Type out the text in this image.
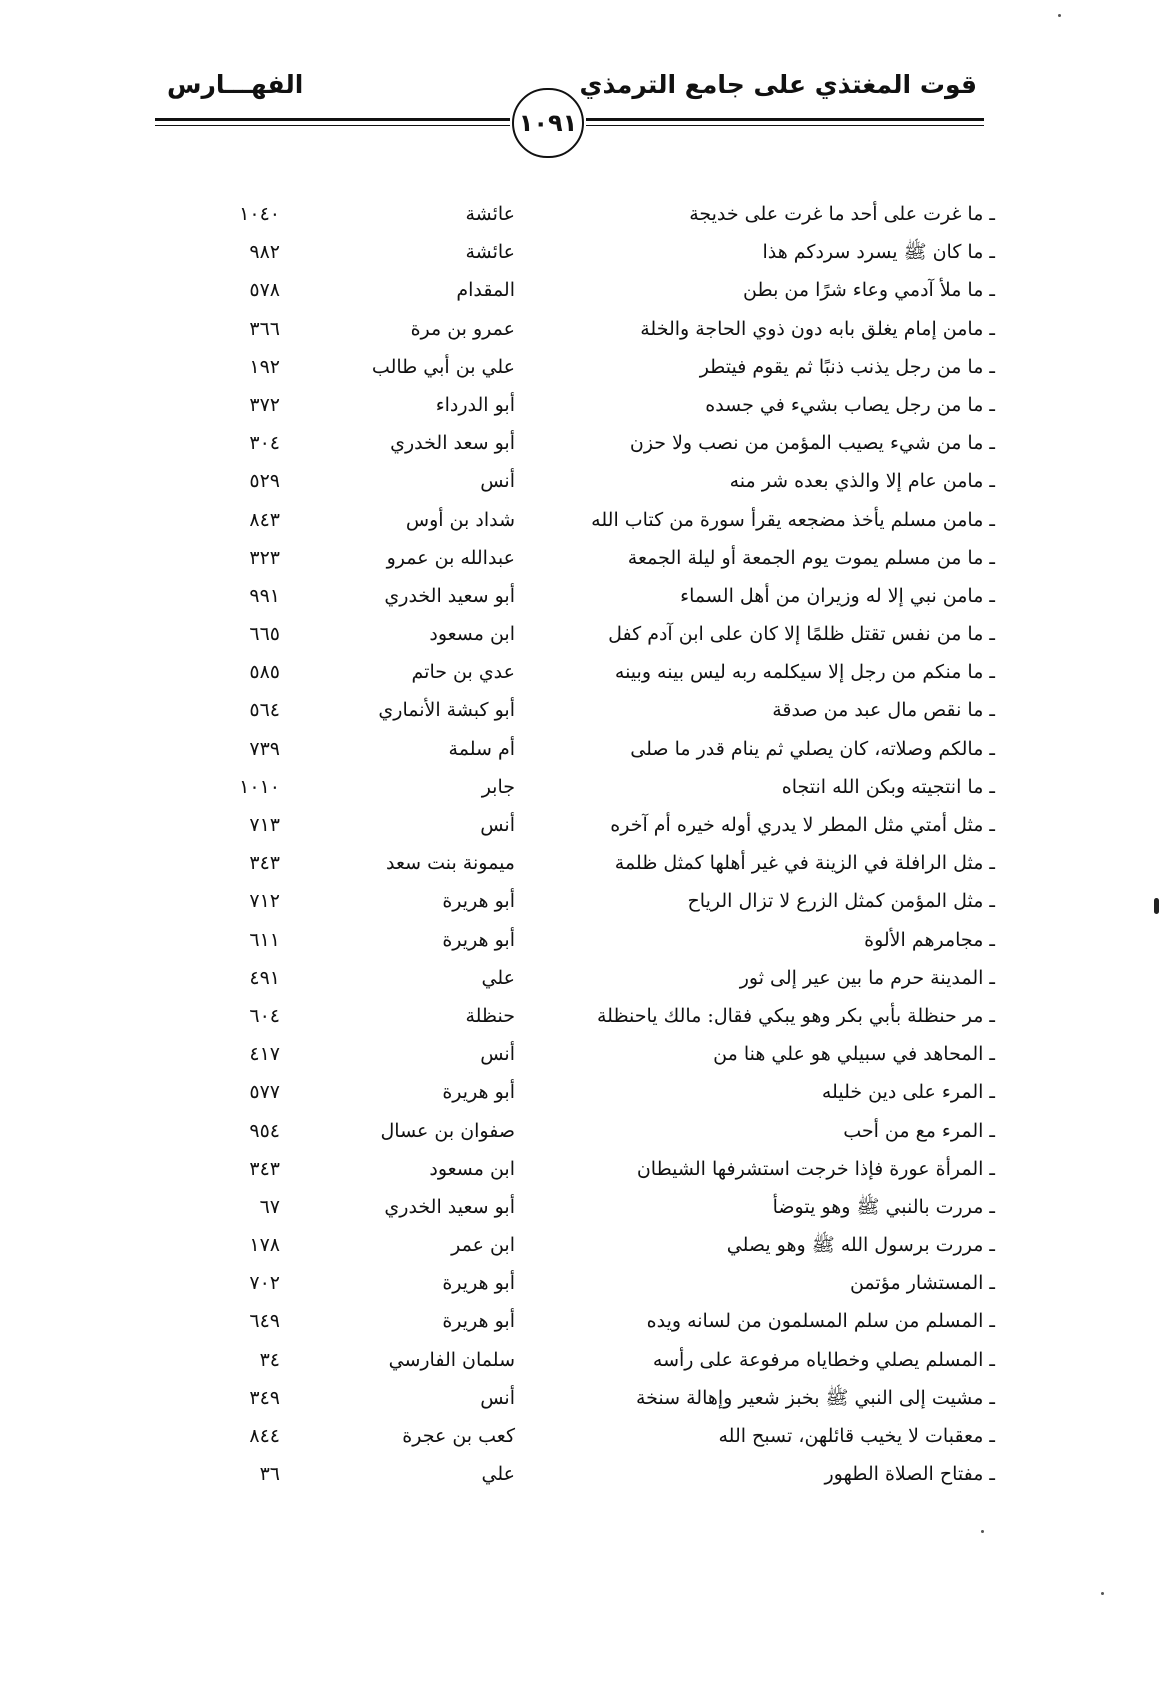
قوت المغتذي على جامع الترمذي
الفهـــارس
١٠٩١
ـ ما غرت على أحد ما غرت على خديجة
عائشة
١٠٤٠
ـ ما كان ﷺ يسرد سردكم هذا
عائشة
٩٨٢
ـ ما ملأ آدمي وعاء شرًا من بطن
المقدام
٥٧٨
ـ مامن إمام يغلق بابه دون ذوي الحاجة والخلة
عمرو بن مرة
٣٦٦
ـ ما من رجل يذنب ذنبًا ثم يقوم فيتطر
علي بن أبي طالب
١٩٢
ـ ما من رجل يصاب بشيء في جسده
أبو الدرداء
٣٧٢
ـ ما من شيء يصيب المؤمن من نصب ولا حزن
أبو سعد الخدري
٣٠٤
ـ مامن عام إلا والذي بعده شر منه
أنس
٥٢٩
ـ مامن مسلم يأخذ مضجعه يقرأ سورة من كتاب الله
شداد بن أوس
٨٤٣
ـ ما من مسلم يموت يوم الجمعة أو ليلة الجمعة
عبدالله بن عمرو
٣٢٣
ـ مامن نبي إلا له وزيران من أهل السماء
أبو سعيد الخدري
٩٩١
ـ ما من نفس تقتل ظلمًا إلا كان على ابن آدم كفل
ابن مسعود
٦٦٥
ـ ما منكم من رجل إلا سيكلمه ربه ليس بينه وبينه
عدي بن حاتم
٥٨٥
ـ ما نقص مال عبد من صدقة
أبو كبشة الأنماري
٥٦٤
ـ مالكم وصلاته، كان يصلي ثم ينام قدر ما صلى
أم سلمة
٧٣٩
ـ ما انتجيته وبكن الله انتجاه
جابر
١٠١٠
ـ مثل أمتي مثل المطر لا يدري أوله خيره أم آخره
أنس
٧١٣
ـ مثل الرافلة في الزينة في غير أهلها كمثل ظلمة
ميمونة بنت سعد
٣٤٣
ـ مثل المؤمن كمثل الزرع لا تزال الرياح
أبو هريرة
٧١٢
ـ مجامرهم الألوة
أبو هريرة
٦١١
ـ المدينة حرم ما بين عير إلى ثور
علي
٤٩١
ـ مر حنظلة بأبي بكر وهو يبكي فقال: مالك ياحنظلة
حنظلة
٦٠٤
ـ المحاهد في سبيلي هو علي هنا من
أنس
٤١٧
ـ المرء على دين خليله
أبو هريرة
٥٧٧
ـ المرء مع من أحب
صفوان بن عسال
٩٥٤
ـ المرأة عورة فإذا خرجت استشرفها الشيطان
ابن مسعود
٣٤٣
ـ مررت بالنبي ﷺ وهو يتوضأ
أبو سعيد الخدري
٦٧
ـ مررت برسول الله ﷺ وهو يصلي
ابن عمر
١٧٨
ـ المستشار مؤتمن
أبو هريرة
٧٠٢
ـ المسلم من سلم المسلمون من لسانه ويده
أبو هريرة
٦٤٩
ـ المسلم يصلي وخطاياه مرفوعة على رأسه
سلمان الفارسي
٣٤
ـ مشيت إلى النبي ﷺ بخبز شعير وإهالة سنخة
أنس
٣٤٩
ـ معقبات لا يخيب قائلهن، تسبح الله
كعب بن عجرة
٨٤٤
ـ مفتاح الصلاة الطهور
علي
٣٦
